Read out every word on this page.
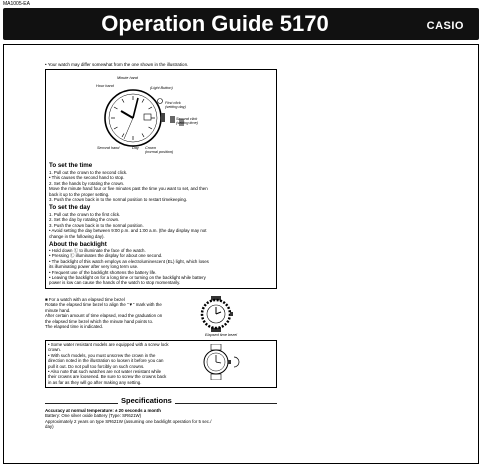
MA1005-EA
Operation Guide 5170	CASIO
• Your watch may differ somewhat from the one shown in the illustration.
Minute hand
Hour hand	(Light Button)
First click
(setting day)
Second click
(setting time)
Second hand	Day Crown
(normal position)
To set the time
1. Pull out the crown to the second click.
• This causes the second hand to stop.
2. Set the hands by rotating the crown.
Move the minute hand four or five minutes past the time you want to set, and then
back it up to the proper setting.
3. Push the crown back in to the normal position to restart timekeeping.
To set the day
1. Pull out the crown to the first click.
2. Set the day by rotating the crown.
3. Push the crown back in to the normal position.
• Avoid setting the day between 9:00 p.m. and 1:00 a.m. (the day display may not
change in the following day).
About the backlight
• Hold down Ⓛ to illuminate the face of the watch.
• Pressing Ⓛ illuminates the display for about one second.
• The backlight of this watch employs an electroluminescent (EL) light, which loses
its illuminating power after very long term use.
• Frequent use of the backlight shortens the battery life.
• Leaving the backlight on for a long time or turning on the backlight while battery
power is low can cause the hands of the watch to stop momentarily.
■ For a watch with an elapsed time bezel
Rotate the elapsed time bezel to align the "▼" mark with the
minute hand.
After certain amount of time elapsed, read the graduation on
the elapsed time bezel which the minute hand points to.
The elapsed time is indicated.
Elapsed time bezel
• Some water resistant models are equipped with a screw lock
crown.
• With such models, you must unscrew the crown in the
direction noted in the illustration so loosen it before you can
pull it out. Do not pull too forcibly on such crowns.
• Also note that such watches are not water resistant while
their crowns are loosened. Be sure to screw the crowns back
in as far as they will go after making any setting.
Specifications
Accuracy at normal temperature: ± 20 seconds a month
Battery: One silver oxide battery (Type: SR621W)
Approximately 2 years on type SR621W (assuming one backlight operation for 5 sec./
day)
